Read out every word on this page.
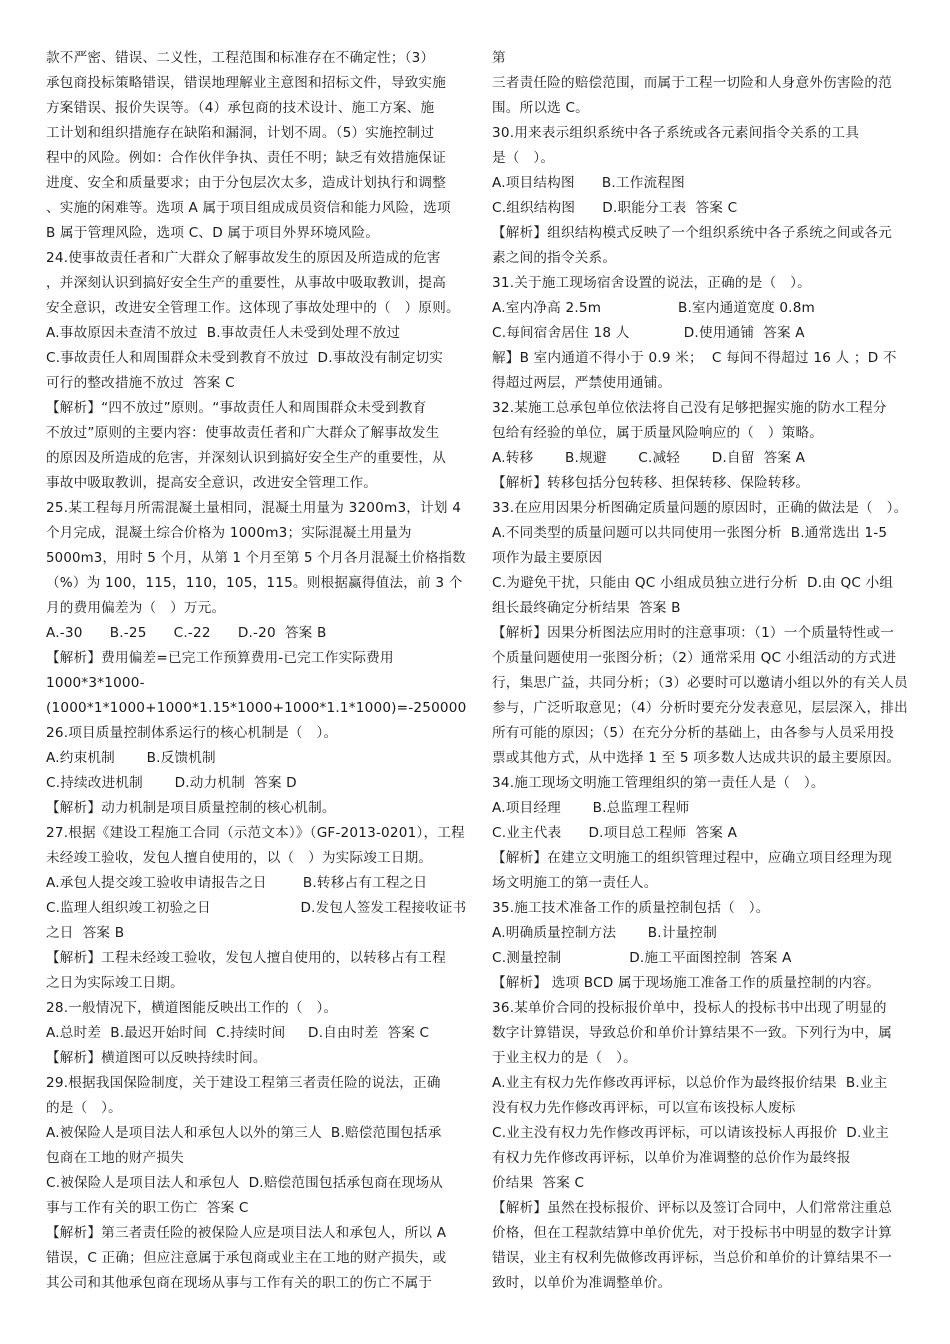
款不严密、错误、二义性，工程范围和标准存在不确定性；（3）
承包商投标策略错误，错误地理解业主意图和招标文件，导致实施
方案错误、报价失误等。（4）承包商的技术设计、施工方案、施
工计划和组织措施存在缺陷和漏洞，计划不周。（5）实施控制过
程中的风险。例如：合作伙伴争执、责任不明；缺乏有效措施保证
进度、安全和质量要求；由于分包层次太多，造成计划执行和调整
、实施的闲难等。选项 A 属于项目组成成员资信和能力风险，选项
B 属于管理风险，选项 C、D 属于项目外界环境风险。
24.使事故责任者和广大群众了解事故发生的原因及所造成的危害
，并深刻认识到搞好安全生产的重要性，从事故中吸取教训，提高
安全意识，改进安全管理工作。这体现了事故处理中的（　）原则。
A.事故原因未查清不放过  B.事故责任人未受到处理不放过
C.事故责任人和周围群众未受到教育不放过  D.事故没有制定切实
可行的整改措施不放过  答案 C
【解析】“四不放过”原则。“事故责任人和周围群众未受到教育
不放过”原则的主要内容：使事故责任者和广大群众了解事故发生
的原因及所造成的危害，并深刻认识到搞好安全生产的重要性，从
事故中吸取教训，提高安全意识，改进安全管理工作。
25.某工程每月所需混凝土量相同，混凝土用量为 3200m3，计划 4
个月完成，混凝土综合价格为 1000m3；实际混凝土用量为
5000m3，用时 5 个月，从第 1 个月至第 5 个月各月混凝土价格指数
（%）为 100，115，110，105，115。则根据赢得值法，前 3 个
月的费用偏差为（　）万元。
A.-30      B.-25      C.-22      D.-20  答案 B
【解析】费用偏差=已完工作预算费用-已完工作实际费用
1000*3*1000-
(1000*1*1000+1000*1.15*1000+1000*1.1*1000)=-250000
26.项目质量控制体系运行的核心机制是（　）。
A.约束机制       B.反馈机制
C.持续改进机制       D.动力机制  答案 D
【解析】动力机制是项目质量控制的核心机制。
27.根据《建设工程施工合同（示范文本）》（GF-2013-0201），工程
未经竣工验收，发包人擅自使用的，以（　）为实际竣工日期。
A.承包人提交竣工验收申请报告之日        B.转移占有工程之日
C.监理人组织竣工初验之日                    D.发包人签发工程接收证书
之日  答案 B
【解析】工程未经竣工验收，发包人擅自使用的，以转移占有工程
之日为实际竣工日期。
28.一般情况下，横道图能反映出工作的（　）。
A.总时差  B.最迟开始时间  C.持续时间     D.自由时差  答案 C
【解析】横道图可以反映持续时间。
29.根据我国保险制度，关于建设工程第三者责任险的说法，正确
的是（　）。
A.被保险人是项目法人和承包人以外的第三人  B.赔偿范围包括承
包商在工地的财产损失
C.被保险人是项目法人和承包人  D.赔偿范围包括承包商在现场从
事与工作有关的职工伤亡  答案 C
【解析】第三者责任险的被保险人应是项目法人和承包人，所以 A
错误，C 正确；但应注意属于承包商或业主在工地的财产损失，或
其公司和其他承包商在现场从事与工作有关的职工的伤亡不属于
第
三者责任险的赔偿范围，而属于工程一切险和人身意外伤害险的范
围。所以选 C。
30.用来表示组织系统中各子系统或各元素间指令关系的工具
是（　）。
A.项目结构图      B.工作流程图
C.组织结构图      D.职能分工表  答案 C
【解析】组织结构模式反映了一个组织系统中各子系统之间或各元
素之间的指令关系。
31.关于施工现场宿舍设置的说法，正确的是（　）。
A.室内净高 2.5m                 B.室内通道宽度 0.8m
C.每间宿舍居住 18 人            D.使用通铺  答案 A
解】B 室内通道不得小于 0.9 米；  C 每间不得超过 16 人 ；D 不
得超过两层，严禁使用通铺。
32.某施工总承包单位依法将自己没有足够把握实施的防水工程分
包给有经验的单位，属于质量风险响应的（　）策略。
A.转移       B.规避       C.减轻       D.自留  答案 A
【解析】转移包括分包转移、担保转移、保险转移。
33.在应用因果分析图确定质量问题的原因时，正确的做法是（　）。
A.不同类型的质量问题可以共同使用一张图分析  B.通常选出 1-5
项作为最主要原因
C.为避免干扰，只能由 QC 小组成员独立进行分析  D.由 QC 小组
组长最终确定分析结果  答案 B
【解析】因果分析图法应用时的注意事项：（1）一个质量特性或一
个质量问题使用一张图分析；（2）通常采用 QC 小组活动的方式进
行，集思广益，共同分析；（3）必要时可以邀请小组以外的有关人员
参与，广泛听取意见；（4）分析时要充分发表意见，层层深入，排出
所有可能的原因；（5）在充分分析的基础上，由各参与人员采用投
票或其他方式，从中选择 1 至 5 项多数人达成共识的最主要原因。
34.施工现场文明施工管理组织的第一责任人是（　）。
A.项目经理       B.总监理工程师
C.业主代表      D.项目总工程师  答案 A
【解析】在建立文明施工的组织管理过程中，应确立项目经理为现
场文明施工的第一责任人。
35.施工技术准备工作的质量控制包括（　）。
A.明确质量控制方法       B.计量控制
C.测量控制               D.施工平面图控制  答案 A
【解析】 选项 BCD 属于现场施工准备工作的质量控制的内容。
36.某单价合同的投标报价单中，投标人的投标书中出现了明显的
数字计算错误，导致总价和单价计算结果不一致。下列行为中，属
于业主权力的是（　）。
A.业主有权力先作修改再评标，以总价作为最终报价结果  B.业主
没有权力先作修改再评标，可以宣布该投标人废标
C.业主没有权力先作修改再评标，可以请该投标人再报价  D.业主
有权力先作修改再评标，以单价为准调整的总价作为最终报
价结果  答案 C
【解析】虽然在投标报价、评标以及签订合同中，人们常常注重总
价格，但在工程款结算中单价优先，对于投标书中明显的数字计算
错误，业主有权利先做修改再评标，当总价和单价的计算结果不一
致时，以单价为准调整单价。
